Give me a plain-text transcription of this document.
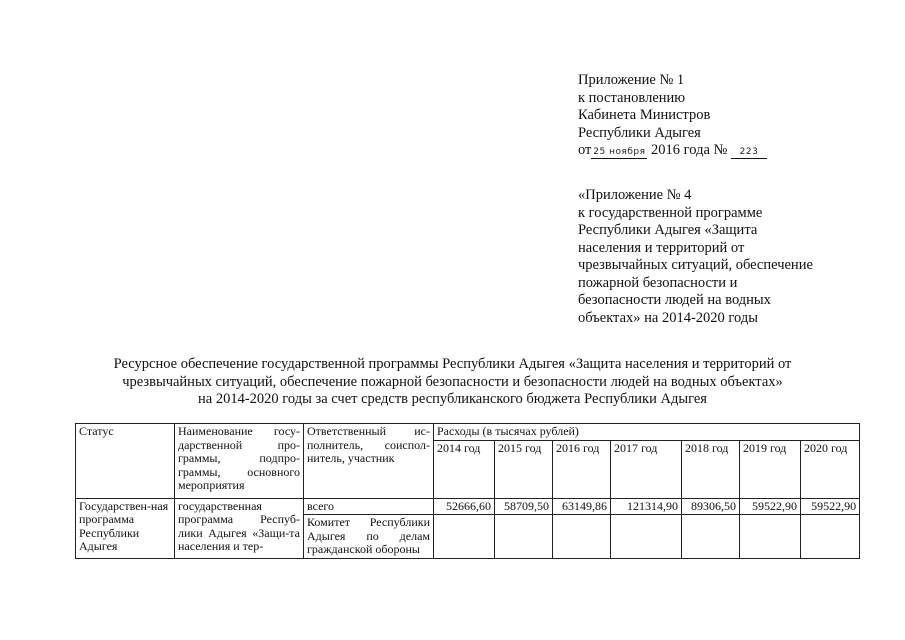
Приложение № 1
к постановлению
Кабинета Министров
Республики Адыгея
от 25 ноября 2016 года № 223
«Приложение № 4
к государственной программе
Республики Адыгея «Защита
населения и территорий от
чрезвычайных ситуаций, обеспечение
пожарной безопасности и
безопасности людей на водных
объектах» на 2014-2020 годы
Ресурсное обеспечение государственной программы Республики Адыгея «Защита населения и территорий от
чрезвычайных ситуаций, обеспечение пожарной безопасности и безопасности людей на водных объектах»
на 2014-2020 годы за счет средств республиканского бюджета Республики Адыгея
Статус	Наименование госу-дарственной про-граммы, подпро-граммы, основного мероприятия	Ответственный ис-полнитель, соиспол-нитель, участник	Расходы (в тысячах рублей)						
			2014 год	2015 год	2016 год	2017 год	2018 год	2019 год	2020 год
Государствен-ная программа Республики Адыгея	государственная программа Респуб-лики Адыгея «Защи-та населения и тер-	всего	52666,60	58709,50	63149,86	121314,90	89306,50	59522,90	59522,90
		Комитет Республики Адыгея по делам гражданской обороны							
